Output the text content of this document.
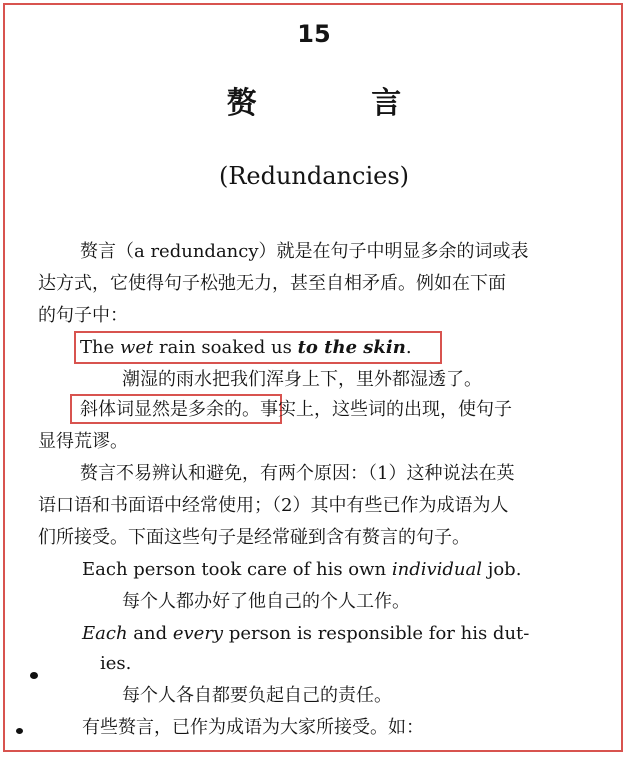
15
赘 言
(Redundancies)
赘言（a redundancy）就是在句子中明显多余的词或表
达方式，它使得句子松弛无力，甚至自相矛盾。例如在下面
的句子中：
The wet rain soaked us to the skin.
潮湿的雨水把我们浑身上下，里外都湿透了。
斜体词显然是多余的。事实上，这些词的出现，使句子
显得荒谬。
赘言不易辨认和避免，有两个原因：（1）这种说法在英
语口语和书面语中经常使用；（2）其中有些已作为成语为人
们所接受。下面这些句子是经常碰到含有赘言的句子。
Each person took care of his own individual job.
每个人都办好了他自己的个人工作。
Each and every person is responsible for his dut-
ies.
每个人各自都要负起自己的责任。
有些赘言，已作为成语为大家所接受。如：
